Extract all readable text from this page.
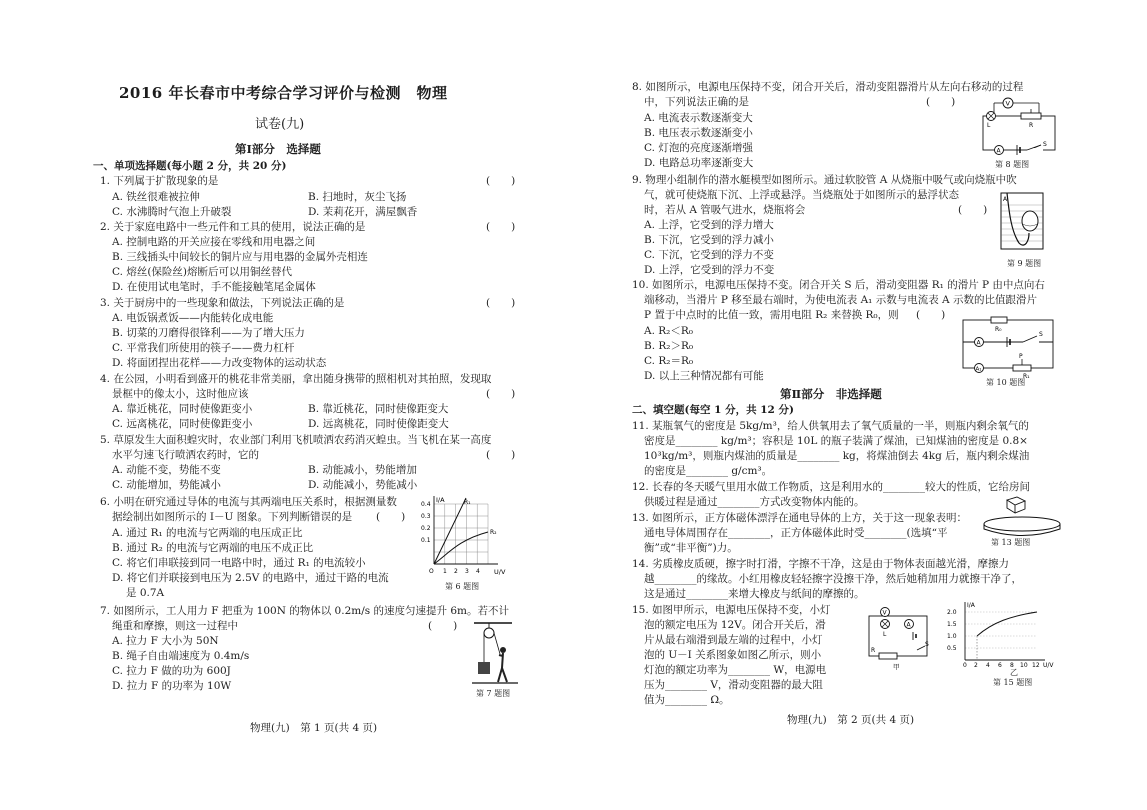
2016 年长春市中考综合学习评价与检测　物理
试卷(九)
第Ⅰ部分　选择题
一、单项选择题(每小题 2 分，共 20 分)
1. 下列属于扩散现象的是	(　　)
A. 铁丝很难被拉伸	B. 扫地时，灰尘飞扬
C. 水沸腾时气泡上升破裂	D. 茉莉花开，满屋飘香
2. 关于家庭电路中一些元件和工具的使用，说法正确的是	(　　)
A. 控制电路的开关应接在零线和用电器之间
B. 三线插头中间较长的铜片应与用电器的金属外壳相连
C. 熔丝(保险丝)熔断后可以用铜丝替代
D. 在使用试电笔时，手不能接触笔尾金属体
3. 关于厨房中的一些现象和做法，下列说法正确的是	(　　)
A. 电饭锅煮饭——内能转化成电能
B. 切菜的刀磨得很锋利——为了增大压力
C. 平常我们所使用的筷子——费力杠杆
D. 将面团捏出花样——力改变物体的运动状态
4. 在公园，小明看到盛开的桃花非常美丽，拿出随身携带的照相机对其拍照，发现取
景框中的像太小，这时他应该	(　　)
A. 靠近桃花，同时使像距变小	B. 靠近桃花，同时使像距变大
C. 远离桃花，同时使像距变小	D. 远离桃花，同时使像距变大
5. 草原发生大面积蝗灾时，农业部门利用飞机喷洒农药消灭蝗虫。当飞机在某一高度
水平匀速飞行喷洒农药时，它的	(　　)
A. 动能不变，势能不变	B. 动能减小，势能增加
C. 动能增加，势能减小	D. 动能减小，势能减小
6. 小明在研究通过导体的电流与其两端电压关系时，根据测量数
据绘制出如图所示的 I－U 图象。下列判断错误的是 (　　)
A. 通过 R₁ 的电流与它两端的电压成正比
B. 通过 R₂ 的电流与它两端的电压不成正比
C. 将它们串联接到同一电路中时，通过 R₁ 的电流较小
D. 将它们并联接到电压为 2.5V 的电路中，通过干路的电流
是 0.7A
I/A
U/V
0.4
0.3
0.2
0.1
O 1 2 3 4
R₁
R₂
第 6 题图
7. 如图所示，工人用力 F 把重为 100N 的物体以 0.2m/s 的速度匀速提升 6m。若不计
绳重和摩擦，则这一过程中	(　　)
A. 拉力 F 大小为 50N
B. 绳子自由端速度为 0.4m/s
C. 拉力 F 做的功为 600J
D. 拉力 F 的功率为 10W
第 7 题图
物理(九)　第 1 页(共 4 页)
8. 如图所示，电源电压保持不变，闭合开关后，滑动变阻器滑片从左向右移动的过程
中，下列说法正确的是	(　　)
A. 电流表示数逐渐变大
B. 电压表示数逐渐变小
C. 灯泡的亮度逐渐增强
D. 电路总功率逐渐变大
V
L	R
A
S
第 8 题图
9. 物理小组制作的潜水艇模型如图所示。通过软胶管 A 从烧瓶中吸气或向烧瓶中吹
气，就可使烧瓶下沉、上浮或悬浮。当烧瓶处于如图所示的悬浮状态
时，若从 A 管吸气进水，烧瓶将会	(　　)
A. 上浮，它受到的浮力增大
B. 下沉，它受到的浮力减小
C. 下沉，它受到的浮力不变
D. 上浮，它受到的浮力不变
A
第 9 题图
10. 如图所示，电源电压保持不变。闭合开关 S 后，滑动变阻器 R₁ 的滑片 P 由中点向右
端移动，当滑片 P 移至最右端时，为使电流表 A₁ 示数与电流表 A 示数的比值跟滑片
P 置于中点时的比值一致，需用电阻 R₂ 来替换 R₀，则 (　　)
A. R₂＜R₀
B. R₂＞R₀
C. R₂＝R₀
D. 以上三种情况都有可能
R₀
A
S
A₁
P
R₁
第 10 题图
第Ⅱ部分　非选择题
二、填空题(每空 1 分，共 12 分)
11. 某瓶氧气的密度是 5kg/m³，给人供氧用去了氧气质量的一半，则瓶内剩余氧气的
密度是________ kg/m³；容积是 10L 的瓶子装满了煤油，已知煤油的密度是 0.8×
10³kg/m³，则瓶内煤油的质量是________ kg，将煤油倒去 4kg 后，瓶内剩余煤油
的密度是________ g/cm³。
12. 长春的冬天暖气里用水做工作物质，这是利用水的________较大的性质，它给房间
供暖过程是通过________方式改变物体内能的。
13. 如图所示，正方体磁体漂浮在通电导体的上方，关于这一现象表明：
通电导体周围存在________，正方体磁体此时受________(选填“平
衡”或“非平衡”)力。	第 13 题图
14. 劣质橡皮质硬，擦字时打滑，字擦不干净，这是由于物体表面越光滑，摩擦力
越________的缘故。小红用橡皮轻轻擦字没擦干净，然后她稍加用力就擦干净了，
这是通过________来增大橡皮与纸间的摩擦的。
15. 如图甲所示，电源电压保持不变，小灯
泡的额定电压为 12V。闭合开关后，滑
片从最右端滑到最左端的过程中，小灯
泡的 U－I 关系图象如图乙所示，则小
灯泡的额定功率为________ W，电源电
压为________ V，滑动变阻器的最大阻
值为________ Ω。
V
L
A
S
R
甲
I/A
U/V
2.0
1.5
1.0
0.5
0 2 4 6 8 10 12
乙
第 15 题图
物理(九)　第 2 页(共 4 页)
